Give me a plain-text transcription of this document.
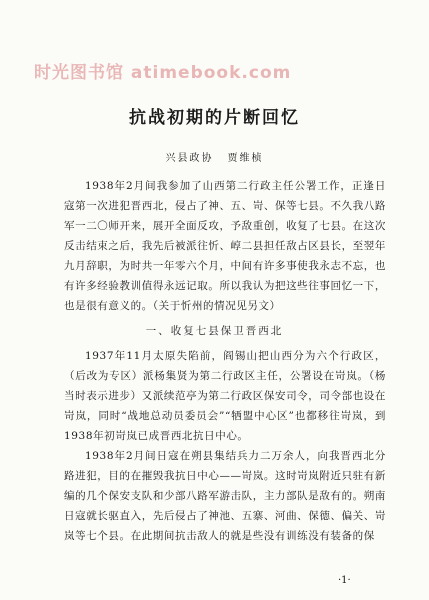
时光图书馆 atimebook.com
抗战初期的片断回忆
兴县政协 贾维桢

1938年2月间我参加了山西第二行政主任公署工作，正逢日寇第一次进犯晋西北，侵占了神、五、岢、保等七县。不久我八路军一二〇师开来，展开全面反攻，予敌重创，收复了七县。在这次反击结束之后，我先后被派往忻、崞二县担任敌占区县长，至翌年九月辞职，为时共一年零六个月，中间有许多事使我永志不忘，也有许多经验教训值得永远记取。所以我认为把这些往事回忆一下，也是很有意义的。（关于忻州的情况见另文）

一、收复七县保卫晋西北

1937年11月太原失陷前，阎锡山把山西分为六个行政区，（后改为专区）派杨集贤为第二行政区主任，公署设在岢岚。（杨当时表示进步）又派续范亭为第二行政区保安司令，司令部也设在岢岚，同时“战地总动员委员会”“牺盟中心区”也都移往岢岚，到1938年初岢岚已成晋西北抗日中心。

1938年2月间日寇在朔县集结兵力二万余人，向我晋西北分路进犯，目的在摧毁我抗日中心——岢岚。这时岢岚附近只驻有新编的几个保安支队和少部八路军游击队，主力部队是敌有的。朔南日寇就长驱直入，先后侵占了神池、五寨、河曲、保德、偏关、岢岚等七个县。在此期间抗击敌人的就是些没有训练没有装备的保

·1·
